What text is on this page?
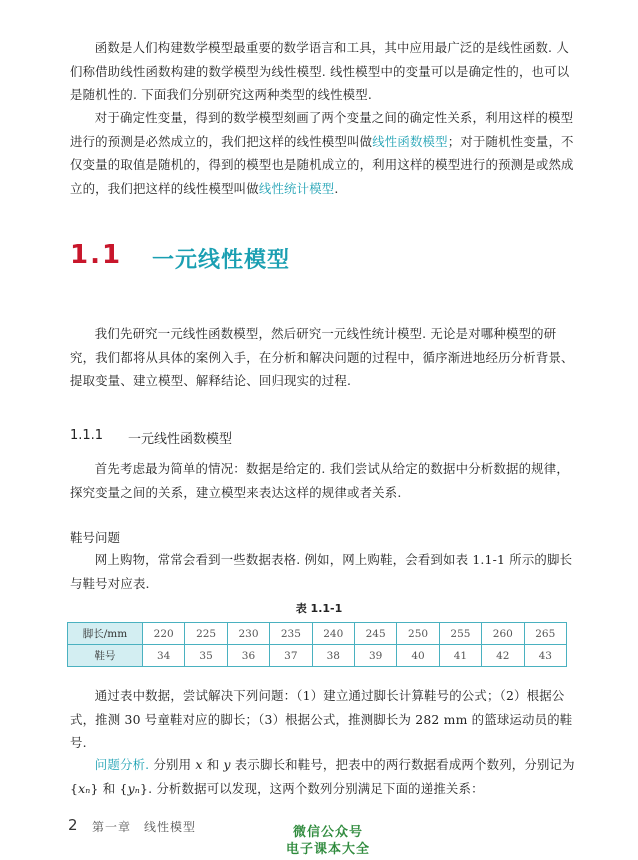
函数是人们构建数学模型最重要的数学语言和工具，其中应用最广泛的是线性函数. 人们称借助线性函数构建的数学模型为线性模型. 线性模型中的变量可以是确定性的，也可以是随机性的. 下面我们分别研究这两种类型的线性模型.

对于确定性变量，得到的数学模型刻画了两个变量之间的确定性关系，利用这样的模型进行的预测是必然成立的，我们把这样的线性模型叫做线性函数模型；对于随机性变量，不仅变量的取值是随机的，得到的模型也是随机成立的，利用这样的模型进行的预测是或然成立的，我们把这样的线性模型叫做线性统计模型.

1.1 一元线性模型

我们先研究一元线性函数模型，然后研究一元线性统计模型. 无论是对哪种模型的研究，我们都将从具体的案例入手，在分析和解决问题的过程中，循序渐进地经历分析背景、提取变量、建立模型、解释结论、回归现实的过程.

1.1.1 一元线性函数模型

首先考虑最为简单的情况：数据是给定的. 我们尝试从给定的数据中分析数据的规律，探究变量之间的关系，建立模型来表达这样的规律或者关系.

鞋号问题

网上购物，常常会看到一些数据表格. 例如，网上购鞋，会看到如表 1.1-1 所示的脚长与鞋号对应表.

表 1.1-1
脚长/mm	220	225	230	235	240	245	250	255	260	265
鞋号	34	35	36	37	38	39	40	41	42	43

通过表中数据，尝试解决下列问题：（1）建立通过脚长计算鞋号的公式；（2）根据公式，推测 30 号童鞋对应的脚长；（3）根据公式，推测脚长为 282 mm 的篮球运动员的鞋号.

问题分析. 分别用 x 和 y 表示脚长和鞋号，把表中的两行数据看成两个数列，分别记为 {xₙ} 和 {yₙ}. 分析数据可以发现，这两个数列分别满足下面的递推关系：

2 第一章　线性模型	微信公众号
电子课本大全
